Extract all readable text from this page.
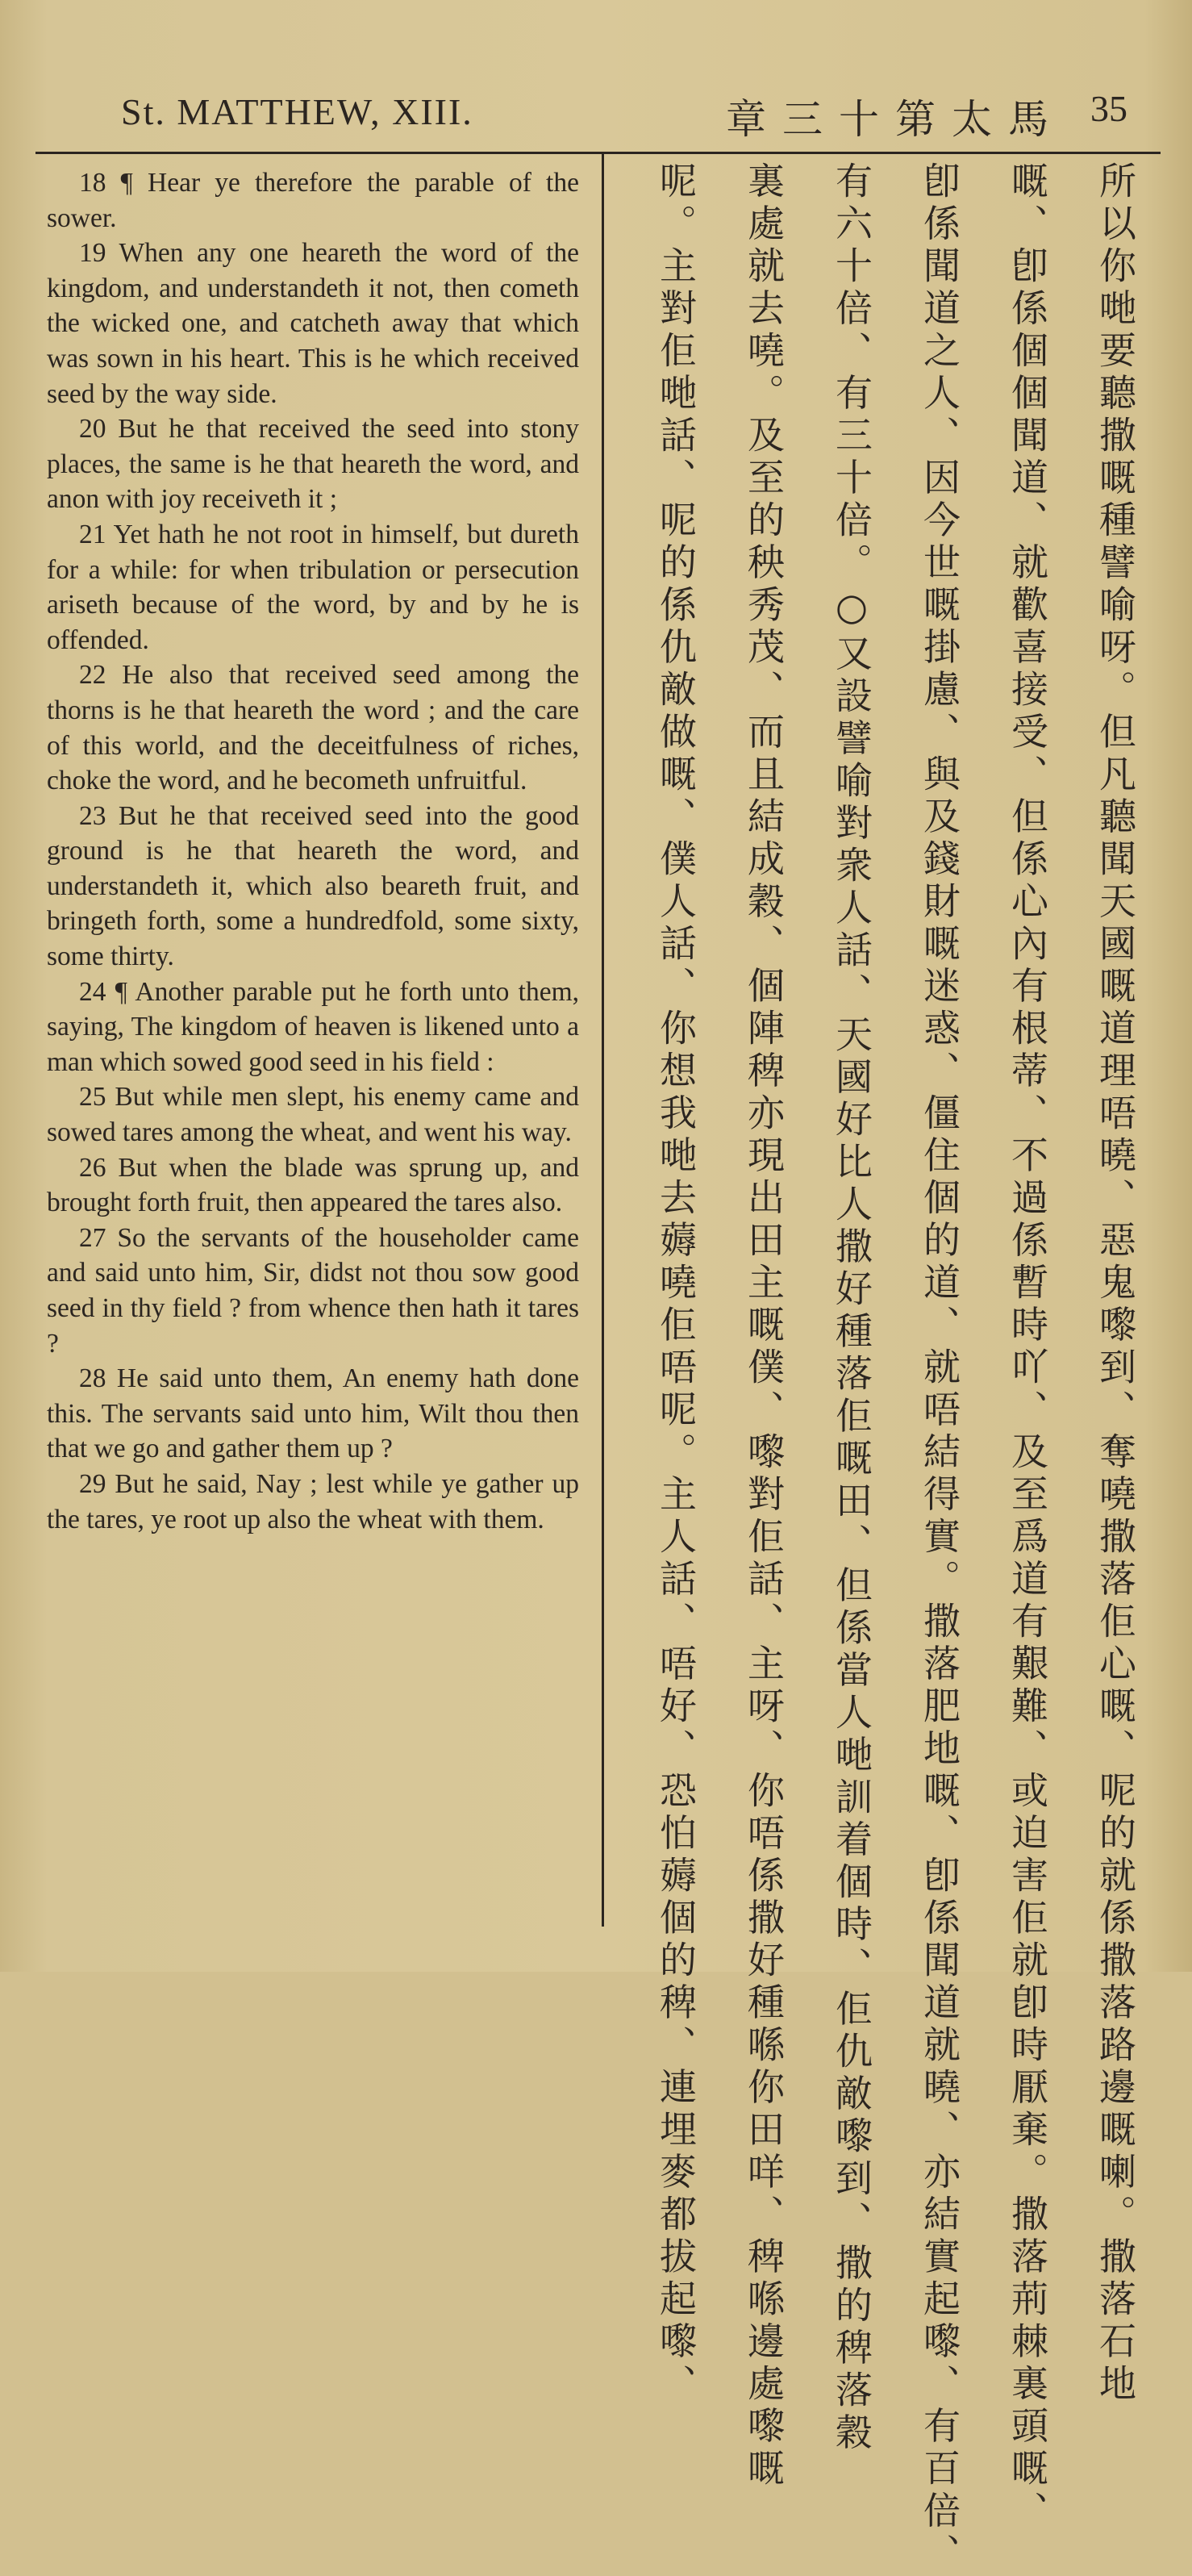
St. MATTHEW, XIII.	章三十第太馬 35

18 ¶ Hear ye therefore the parable of the sower.

19 When any one heareth the word of the kingdom, and understandeth it not, then cometh the wicked one, and catcheth away that which was sown in his heart. This is he which received seed by the way side.

20 But he that received the seed into stony places, the same is he that heareth the word, and anon with joy receiveth it ;

21 Yet hath he not root in himself, but dureth for a while: for when tribulation or persecution ariseth because of the word, by and by he is offended.

22 He also that received seed among the thorns is he that heareth the word ; and the care of this world, and the deceitfulness of riches, choke the word, and he becometh unfruitful.

23 But he that received seed into the good ground is he that heareth the word, and understandeth it, which also beareth fruit, and bringeth forth, some a hundredfold, some sixty, some thirty.

24 ¶ Another parable put he forth unto them, saying, The kingdom of heaven is likened unto a man which sowed good seed in his field :

25 But while men slept, his enemy came and sowed tares among the wheat, and went his way.

26 But when the blade was sprung up, and brought forth fruit, then appeared the tares also.

27 So the servants of the householder came and said unto him, Sir, didst not thou sow good seed in thy field ? from whence then hath it tares ?

28 He said unto them, An enemy hath done this. The servants said unto him, Wilt thou then that we go and gather them up ?

29 But he said, Nay ; lest while ye gather up the tares, ye root up also the wheat with them.	所以你哋要聽撒嘅種譬喻呀。但凡聽聞天國嘅道理唔曉、惡鬼嚟到、奪嘵撒落佢心嘅、呢的就係撒落路邊嘅喇。撒落石地
嘅、卽係個個聞道、就歡喜接受、但係心內有根蒂、不過係暫時吖、及至爲道有艱難、或迫害佢就卽時厭棄。撒落荊棘裏頭嘅、
卽係聞道之人、因今世嘅掛慮、與及錢財嘅迷惑、僵住個的道、就唔結得實。撒落肥地嘅、卽係聞道就曉、亦結實起嚟、有百倍、
有六十倍、有三十倍。○又設譬喻對衆人話、天國好比人撒好種落佢嘅田、但係當人哋訓着個時、佢仇敵嚟到、撒的稗落穀
裏處就去嘵。及至的秧秀茂、而且結成穀、個陣稗亦現出田主嘅僕、嚟對佢話、主呀、你唔係撒好種喺你田咩、稗喺邊處嚟嘅
呢。主對佢哋話、呢的係仇敵做嘅、僕人話、你想我哋去薅嘵佢唔呢。主人話、唔好、恐怕薅個的稗、連埋麥都拔起嚟、
